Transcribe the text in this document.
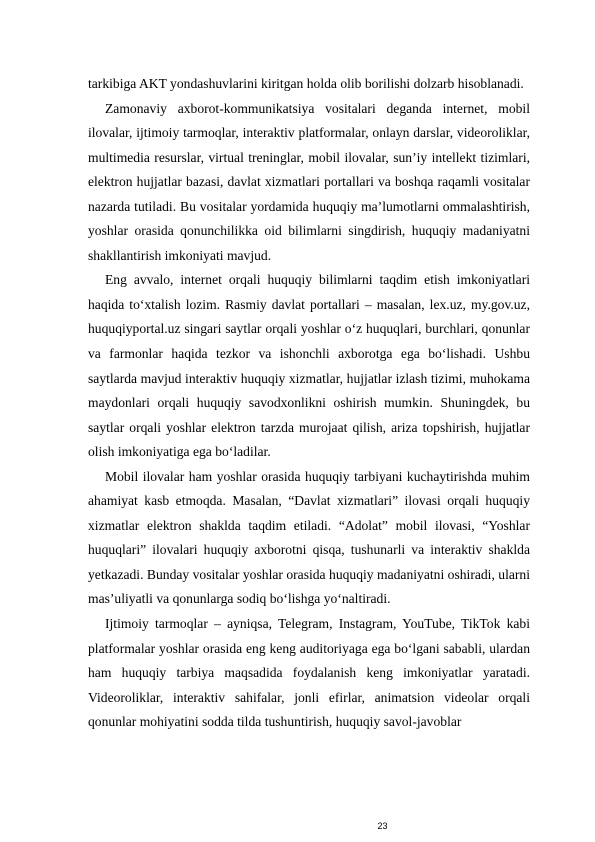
tarkibiga AKT yondashuvlarini kiritgan holda olib borilishi dolzarb hisoblanadi.

Zamonaviy axborot-kommunikatsiya vositalari deganda internet, mobil ilovalar, ijtimoiy tarmoqlar, interaktiv platformalar, onlayn darslar, videoroliklar, multimedia resurslar, virtual treninglar, mobil ilovalar, sun’iy intellekt tizimlari, elektron hujjatlar bazasi, davlat xizmatlari portallari va boshqa raqamli vositalar nazarda tutiladi. Bu vositalar yordamida huquqiy ma’lumotlarni ommalashtirish, yoshlar orasida qonunchilikka oid bilimlarni singdirish, huquqiy madaniyatni shakllantirish imkoniyati mavjud.

Eng avvalo, internet orqali huquqiy bilimlarni taqdim etish imkoniyatlari haqida to‘xtalish lozim. Rasmiy davlat portallari – masalan, lex.uz, my.gov.uz, huquqiyportal.uz singari saytlar orqali yoshlar o‘z huquqlari, burchlari, qonunlar va farmonlar haqida tezkor va ishonchli axborotga ega bo‘lishadi. Ushbu saytlarda mavjud interaktiv huquqiy xizmatlar, hujjatlar izlash tizimi, muhokama maydonlari orqali huquqiy savodxonlikni oshirish mumkin. Shuningdek, bu saytlar orqali yoshlar elektron tarzda murojaat qilish, ariza topshirish, hujjatlar olish imkoniyatiga ega bo‘ladilar.

Mobil ilovalar ham yoshlar orasida huquqiy tarbiyani kuchaytirishda muhim ahamiyat kasb etmoqda. Masalan, “Davlat xizmatlari” ilovasi orqali huquqiy xizmatlar elektron shaklda taqdim etiladi. “Adolat” mobil ilovasi, “Yoshlar huquqlari” ilovalari huquqiy axborotni qisqa, tushunarli va interaktiv shaklda yetkazadi. Bunday vositalar yoshlar orasida huquqiy madaniyatni oshiradi, ularni mas’uliyatli va qonunlarga sodiq bo‘lishga yo‘naltiradi.

Ijtimoiy tarmoqlar – ayniqsa, Telegram, Instagram, YouTube, TikTok kabi platformalar yoshlar orasida eng keng auditoriyaga ega bo‘lgani sababli, ulardan ham huquqiy tarbiya maqsadida foydalanish keng imkoniyatlar yaratadi. Videoroliklar, interaktiv sahifalar, jonli efirlar, animatsion videolar orqali qonunlar mohiyatini sodda tilda tushuntirish, huquqiy savol-javoblar

23
